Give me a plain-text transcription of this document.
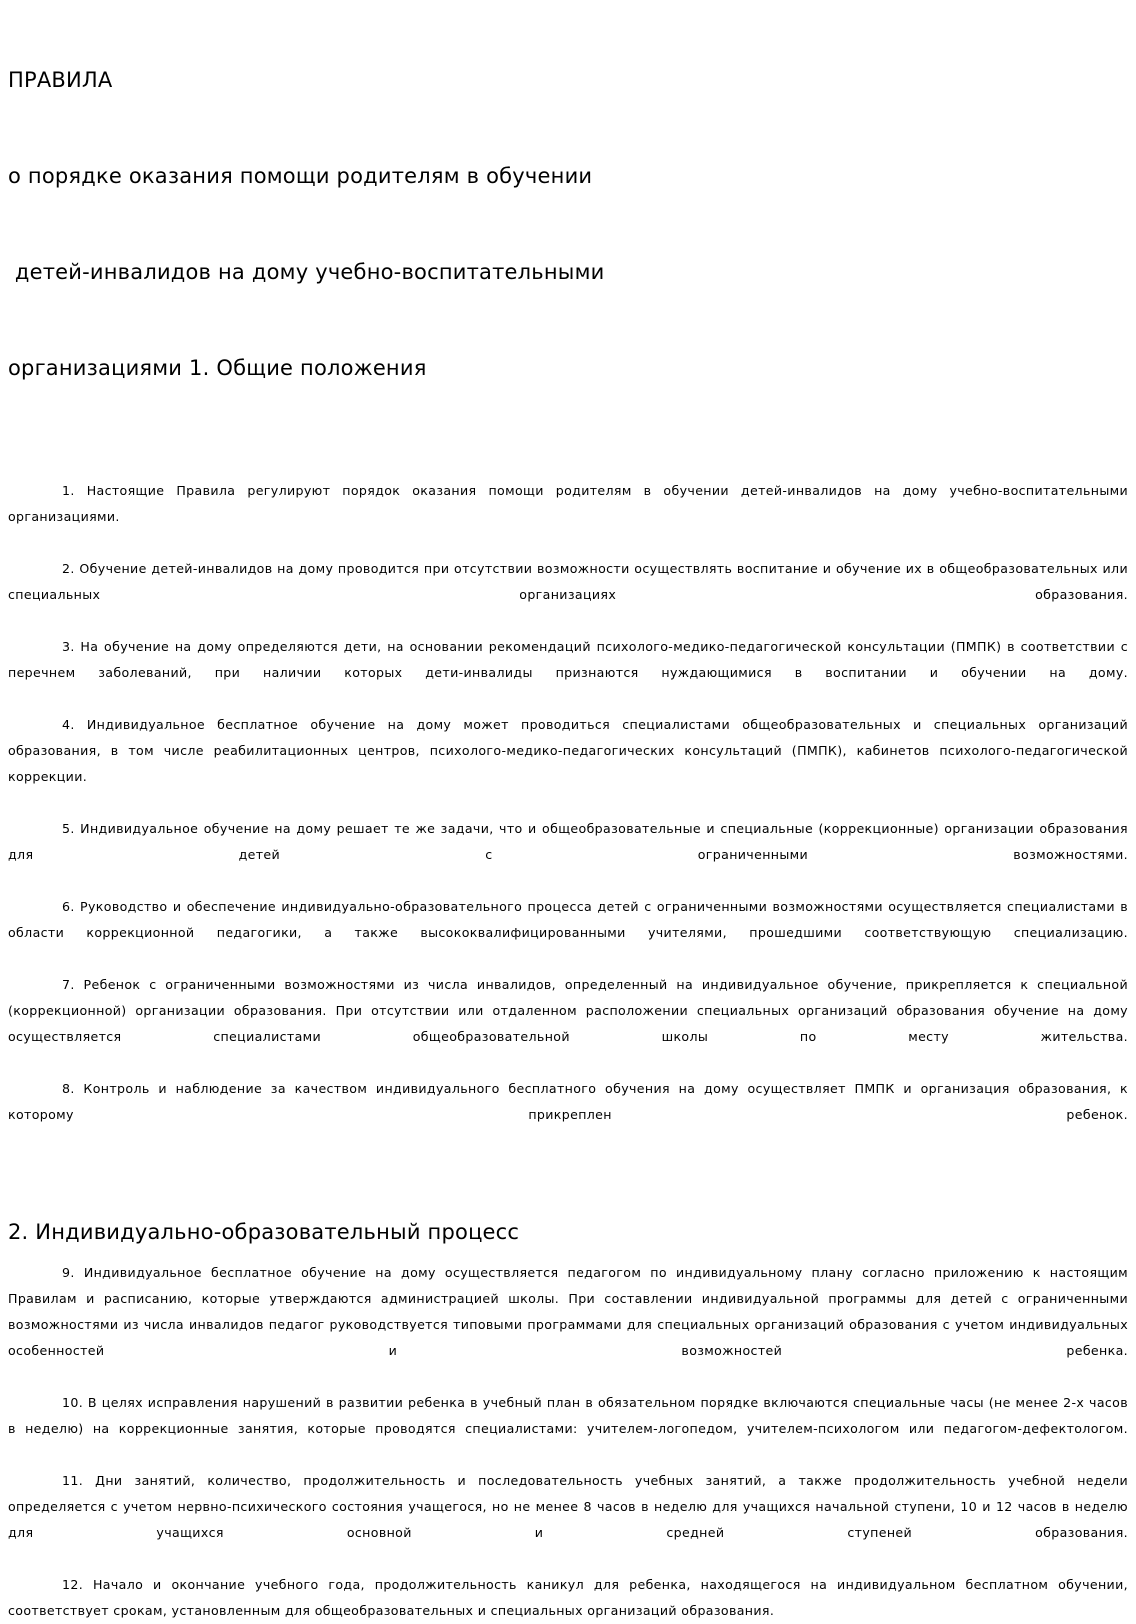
ПРАВИЛА

о порядке оказания помощи родителям в обучении

детей-инвалидов на дому учебно-воспитательными

организациями 1. Общие положения

1. Настоящие Правила регулируют порядок оказания помощи родителям в обучении детей-инвалидов на дому учебно-воспитательными организациями.

2. Обучение детей-инвалидов на дому проводится при отсутствии возможности осуществлять воспитание и обучение их в общеобразовательных или специальных организациях образования.

3. На обучение на дому определяются дети, на основании рекомендаций психолого-медико-педагогической консультации (ПМПК) в соответствии с перечнем заболеваний, при наличии которых дети-инвалиды признаются нуждающимися в воспитании и обучении на дому.

4. Индивидуальное бесплатное обучение на дому может проводиться специалистами общеобразовательных и специальных организаций образования, в том числе реабилитационных центров, психолого-медико-педагогических консультаций (ПМПК), кабинетов психолого-педагогической коррекции.

5. Индивидуальное обучение на дому решает те же задачи, что и общеобразовательные и специальные (коррекционные) организации образования для детей с ограниченными возможностями.

6. Руководство и обеспечение индивидуально-образовательного процесса детей с ограниченными возможностями осуществляется специалистами в области коррекционной педагогики, а также высококвалифицированными учителями, прошедшими соответствующую специализацию.

7. Ребенок с ограниченными возможностями из числа инвалидов, определенный на индивидуальное обучение, прикрепляется к специальной (коррекционной) организации образования. При отсутствии или отдаленном расположении специальных организаций образования обучение на дому осуществляется специалистами общеобразовательной школы по месту жительства.

8. Контроль и наблюдение за качеством индивидуального бесплатного обучения на дому осуществляет ПМПК и организация образования, к которому прикреплен ребенок.

2. Индивидуально-образовательный процесс

9. Индивидуальное бесплатное обучение на дому осуществляется педагогом по индивидуальному плану согласно приложению к настоящим Правилам и расписанию, которые утверждаются администрацией школы. При составлении индивидуальной программы для детей с ограниченными возможностями из числа инвалидов педагог руководствуется типовыми программами для специальных организаций образования с учетом индивидуальных особенностей и возможностей ребенка.

10. В целях исправления нарушений в развитии ребенка в учебный план в обязательном порядке включаются специальные часы (не менее 2-х часов в неделю) на коррекционные занятия, которые проводятся специалистами: учителем-логопедом, учителем-психологом или педагогом-дефектологом.

11. Дни занятий, количество, продолжительность и последовательность учебных занятий, а также продолжительность учебной недели определяется с учетом нервно-психического состояния учащегося, но не менее 8 часов в неделю для учащихся начальной ступени, 10 и 12 часов в неделю для учащихся основной и средней ступеней образования.

12. Начало и окончание учебного года, продолжительность каникул для ребенка, находящегося на индивидуальном бесплатном обучении, соответствует срокам, установленным для общеобразовательных и специальных организаций образования.
